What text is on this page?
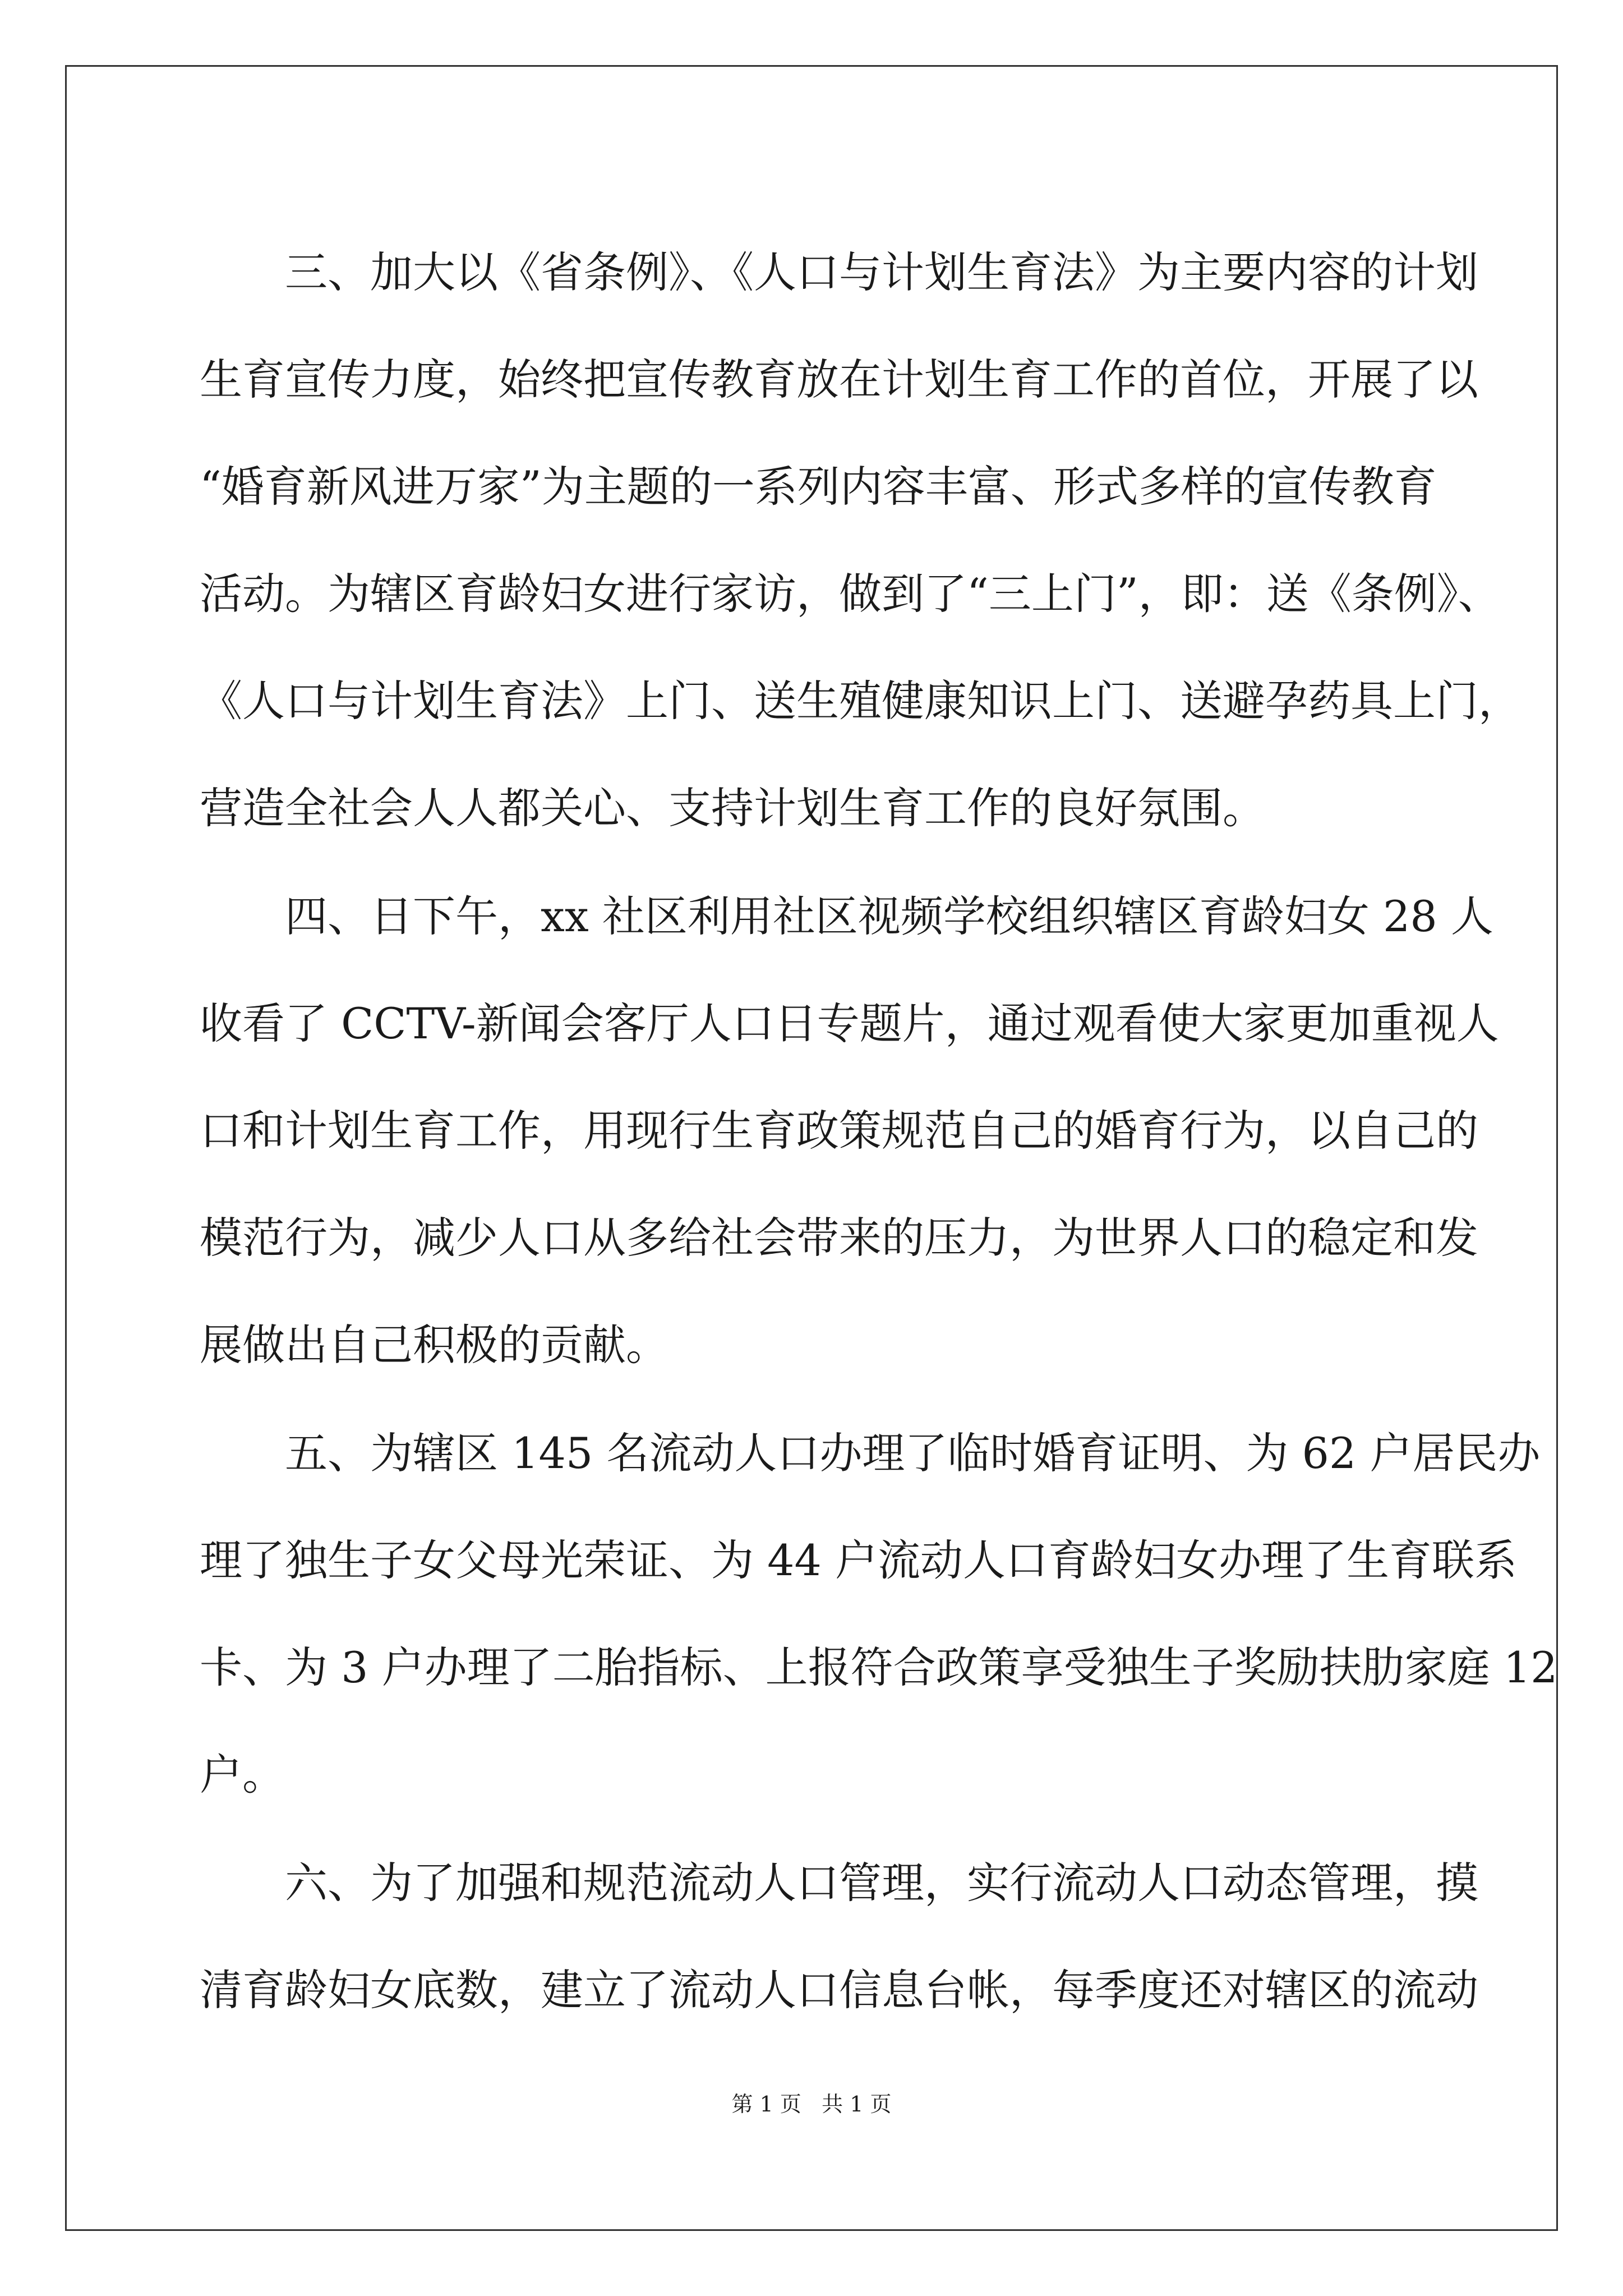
三、加大以《省条例》、《人口与计划生育法》为主要内容的计划
生育宣传力度，始终把宣传教育放在计划生育工作的首位，开展了以
“婚育新风进万家”为主题的一系列内容丰富、形式多样的宣传教育
活动。为辖区育龄妇女进行家访，做到了“三上门”，即：送《条例》、
《人口与计划生育法》上门、送生殖健康知识上门、送避孕药具上门，
营造全社会人人都关心、支持计划生育工作的良好氛围。
四、日下午，xx 社区利用社区视频学校组织辖区育龄妇女 28 人
收看了 CCTV-新闻会客厅人口日专题片，通过观看使大家更加重视人
口和计划生育工作，用现行生育政策规范自己的婚育行为，以自己的
模范行为，减少人口从多给社会带来的压力，为世界人口的稳定和发
展做出自己积极的贡献。
五、为辖区 145 名流动人口办理了临时婚育证明、为 62 户居民办
理了独生子女父母光荣证、为 44 户流动人口育龄妇女办理了生育联系
卡、为 3 户办理了二胎指标、上报符合政策享受独生子奖励扶肋家庭 12
户。
六、为了加强和规范流动人口管理，实行流动人口动态管理，摸
清育龄妇女底数，建立了流动人口信息台帐，每季度还对辖区的流动
第 1 页 共 1 页
